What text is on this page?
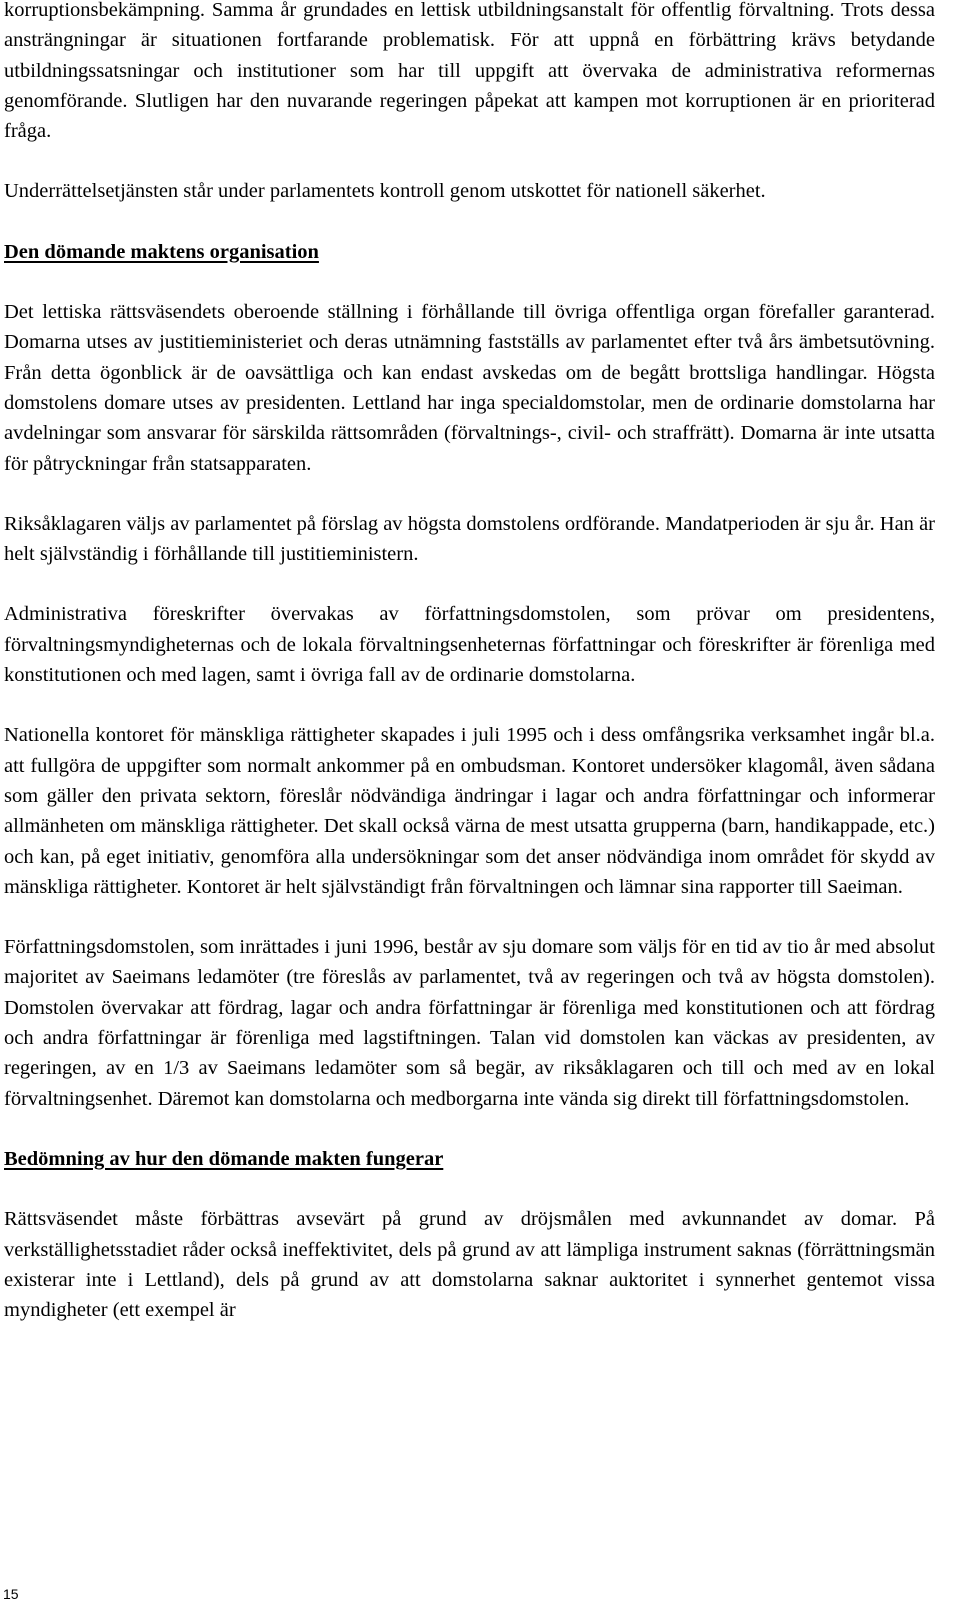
korruptionsbekämpning. Samma år grundades en lettisk utbildningsanstalt för offentlig förvaltning. Trots dessa ansträngningar är situationen fortfarande problematisk. För att uppnå en förbättring krävs betydande utbildningssatsningar och institutioner som har till uppgift att övervaka de administrativa reformernas genomförande. Slutligen har den nuvarande regeringen påpekat att kampen mot korruptionen är en prioriterad fråga.

Underrättelsetjänsten står under parlamentets kontroll genom utskottet för nationell säkerhet.

Den dömande maktens organisation

Det lettiska rättsväsendets oberoende ställning i förhållande till övriga offentliga organ förefaller garanterad. Domarna utses av justitieministeriet och deras utnämning fastställs av parlamentet efter två års ämbetsutövning. Från detta ögonblick är de oavsättliga och kan endast avskedas om de begått brottsliga handlingar. Högsta domstolens domare utses av presidenten. Lettland har inga specialdomstolar, men de ordinarie domstolarna har avdelningar som ansvarar för särskilda rättsområden (förvaltnings-, civil- och straffrätt). Domarna är inte utsatta för påtryckningar från statsapparaten.

Riksåklagaren väljs av parlamentet på förslag av högsta domstolens ordförande. Mandatperioden är sju år. Han är helt självständig i förhållande till justitieministern.

Administrativa föreskrifter övervakas av författningsdomstolen, som prövar om presidentens, förvaltningsmyndigheternas och de lokala förvaltningsenheternas författningar och föreskrifter är förenliga med konstitutionen och med lagen, samt i övriga fall av de ordinarie domstolarna.

Nationella kontoret för mänskliga rättigheter skapades i juli 1995 och i dess omfångsrika verksamhet ingår bl.a. att fullgöra de uppgifter som normalt ankommer på en ombudsman. Kontoret undersöker klagomål, även sådana som gäller den privata sektorn, föreslår nödvändiga ändringar i lagar och andra författningar och informerar allmänheten om mänskliga rättigheter. Det skall också värna de mest utsatta grupperna (barn, handikappade, etc.) och kan, på eget initiativ, genomföra alla undersökningar som det anser nödvändiga inom området för skydd av mänskliga rättigheter. Kontoret är helt självständigt från förvaltningen och lämnar sina rapporter till Saeiman.

Författningsdomstolen, som inrättades i juni 1996, består av sju domare som väljs för en tid av tio år med absolut majoritet av Saeimans ledamöter (tre föreslås av parlamentet, två av regeringen och två av högsta domstolen). Domstolen övervakar att fördrag, lagar och andra författningar är förenliga med konstitutionen och att fördrag och andra författningar är förenliga med lagstiftningen. Talan vid domstolen kan väckas av presidenten, av regeringen, av en 1/3 av Saeimans ledamöter som så begär, av riksåklagaren och till och med av en lokal förvaltningsenhet. Däremot kan domstolarna och medborgarna inte vända sig direkt till författningsdomstolen.

Bedömning av hur den dömande makten fungerar

Rättsväsendet måste förbättras avsevärt på grund av dröjsmålen med avkunnandet av domar. På verkställighetsstadiet råder också ineffektivitet, dels på grund av att lämpliga instrument saknas (förrättningsmän existerar inte i Lettland), dels på grund av att domstolarna saknar auktoritet i synnerhet gentemot vissa myndigheter (ett exempel är

15
